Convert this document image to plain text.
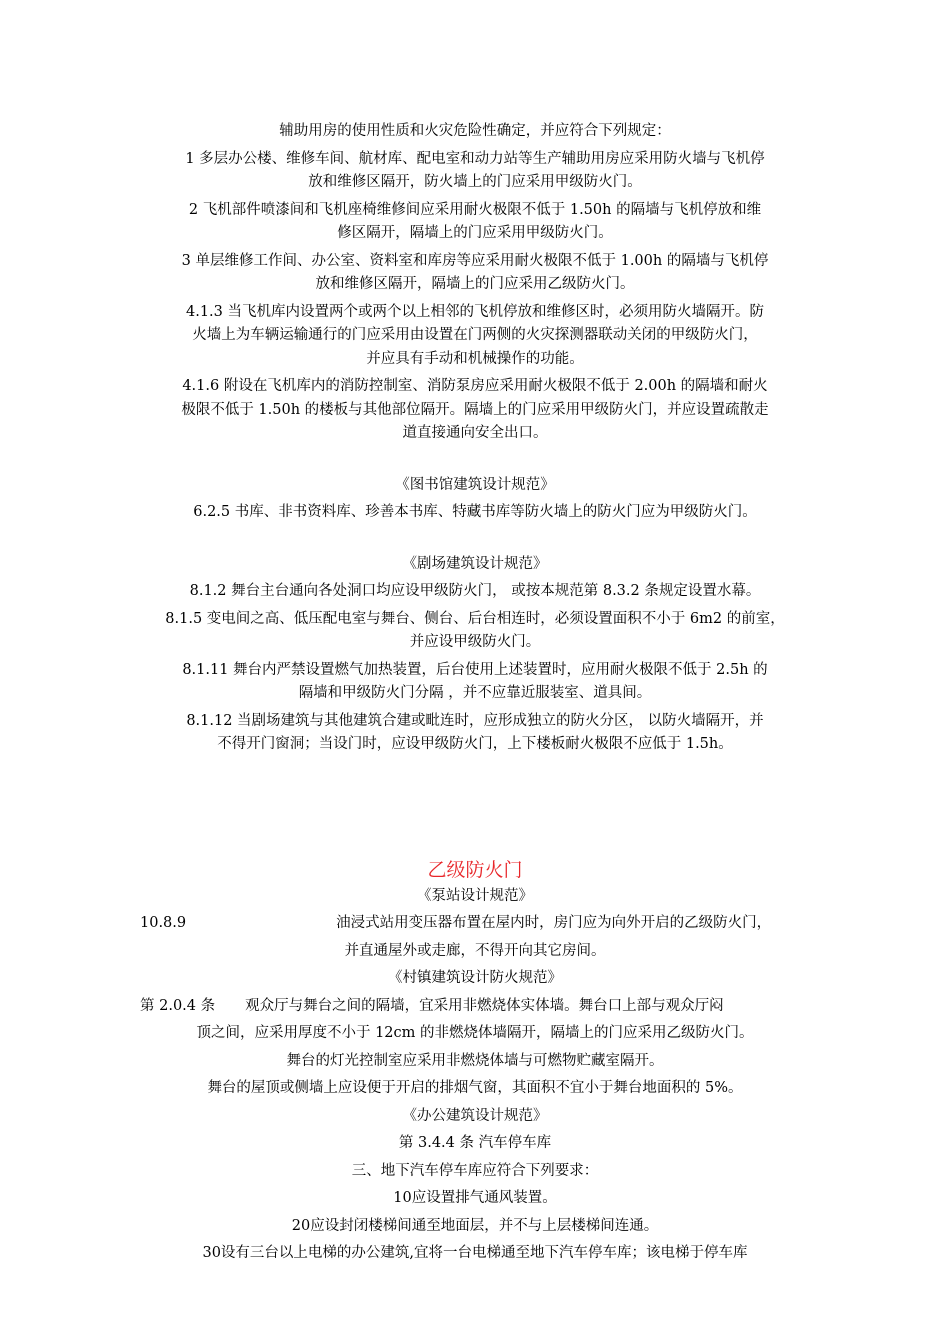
辅助用房的使用性质和火灾危险性确定，并应符合下列规定：

1 多层办公楼、维修车间、航材库、配电室和动力站等生产辅助用房应采用防火墙与飞机停
放和维修区隔开，防火墙上的门应采用甲级防火门。

2 飞机部件喷漆间和飞机座椅维修间应采用耐火极限不低于 1.50h 的隔墙与飞机停放和维
修区隔开，隔墙上的门应采用甲级防火门。

3 单层维修工作间、办公室、资料室和库房等应采用耐火极限不低于 1.00h 的隔墙与飞机停
放和维修区隔开，隔墙上的门应采用乙级防火门。

4.1.3 当飞机库内设置两个或两个以上相邻的飞机停放和维修区时，必须用防火墙隔开。防
火墙上为车辆运输通行的门应采用由设置在门两侧的火灾探测器联动关闭的甲级防火门，
并应具有手动和机械操作的功能。

4.1.6 附设在飞机库内的消防控制室、消防泵房应采用耐火极限不低于 2.00h 的隔墙和耐火
极限不低于 1.50h 的楼板与其他部位隔开。隔墙上的门应采用甲级防火门，并应设置疏散走
道直接通向安全出口。

《图书馆建筑设计规范》

6.2.5 书库、非书资料库、珍善本书库、特藏书库等防火墙上的防火门应为甲级防火门。

《剧场建筑设计规范》

8.1.2 舞台主台通向各处洞口均应设甲级防火门， 或按本规范第 8.3.2 条规定设置水幕。

8.1.5 变电间之高、低压配电室与舞台、侧台、后台相连时，必须设置面积不小于 6m2 的前室，
并应设甲级防火门。

8.1.11 舞台内严禁设置燃气加热装置，后台使用上述装置时，应用耐火极限不低于 2.5h 的
隔墙和甲级防火门分隔 ，并不应靠近服装室、道具间。

8.1.12 当剧场建筑与其他建筑合建或毗连时，应形成独立的防火分区， 以防火墙隔开，并
不得开门窗洞；当设门时，应设甲级防火门，上下楼板耐火极限不应低于 1.5h。

乙级防火门

《泵站设计规范》

10.8.9	油浸式站用变压器布置在屋内时，房门应为向外开启的乙级防火门，

并直通屋外或走廊，不得开向其它房间。

《村镇建筑设计防火规范》

第 2.0.4 条 观众厅与舞台之间的隔墙，宜采用非燃烧体实体墙。舞台口上部与观众厅闷

顶之间，应采用厚度不小于 12cm 的非燃烧体墙隔开，隔墙上的门应采用乙级防火门。

舞台的灯光控制室应采用非燃烧体墙与可燃物贮藏室隔开。

舞台的屋顶或侧墙上应设便于开启的排烟气窗，其面积不宜小于舞台地面积的 5%。

《办公建筑设计规范》

第 3.4.4 条 汽车停车库

三、地下汽车停车库应符合下列要求：

10应设置排气通风装置。

20应设封闭楼梯间通至地面层，并不与上层楼梯间连通。

30设有三台以上电梯的办公建筑,宜将一台电梯通至地下汽车停车库；该电梯于停车库
